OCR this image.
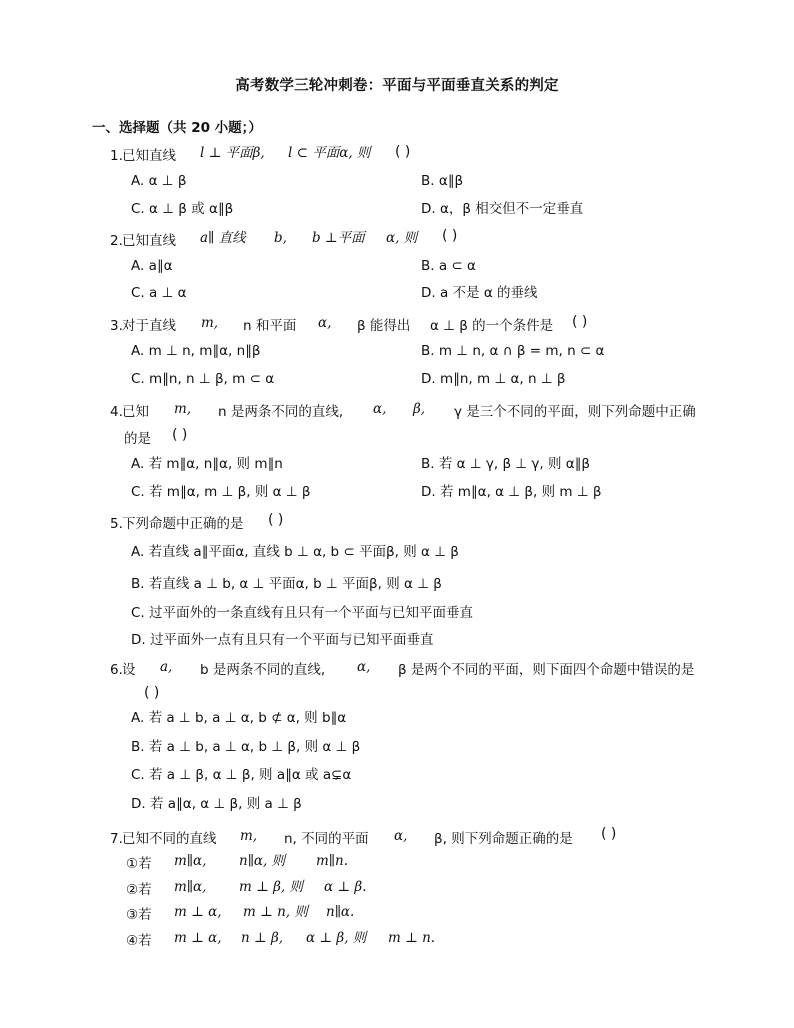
高考数学三轮冲刺卷：平面与平面垂直关系的判定
一、选择题（共 20 小题；）
1. 已知直线 l ⊥ 平面β, l ⊂ 平面α, 则 ( )
A. α ⊥ β	B. α∥β
C. α ⊥ β 或 α∥β	D. α，β 相交但不一定垂直
2. 已知直线 a∥ 直线 b, b ⊥平面 α, 则 ( )
A. a∥α	B. a ⊂ α
C. a ⊥ α	D. a 不是 α 的垂线
3. 对于直线 m, n 和平面 α, β 能得出 α ⊥ β 的一个条件是 ( )
A. m ⊥ n, m∥α, n∥β	B. m ⊥ n, α ∩ β = m, n ⊂ α
C. m∥n, n ⊥ β, m ⊂ α	D. m∥n, m ⊥ α, n ⊥ β
4. 已知 m, n 是两条不同的直线, α, β, γ 是三个不同的平面，则下列命题中正确
的是 ( )
A. 若 m∥α, n∥α, 则 m∥n	B. 若 α ⊥ γ, β ⊥ γ, 则 α∥β
C. 若 m∥α, m ⊥ β, 则 α ⊥ β	D. 若 m∥α, α ⊥ β, 则 m ⊥ β
5. 下列命题中正确的是 ( )
A. 若直线 a∥平面α, 直线 b ⊥ α, b ⊂ 平面β, 则 α ⊥ β
B. 若直线 a ⊥ b, α ⊥ 平面α, b ⊥ 平面β, 则 α ⊥ β
C. 过平面外的一条直线有且只有一个平面与已知平面垂直
D. 过平面外一点有且只有一个平面与已知平面垂直
6. 设 a, b 是两条不同的直线, α, β 是两个不同的平面，则下面四个命题中错误的是
( )
A. 若 a ⊥ b, a ⊥ α, b ⊄ α, 则 b∥α
B. 若 a ⊥ b, a ⊥ α, b ⊥ β, 则 α ⊥ β
C. 若 a ⊥ β, α ⊥ β, 则 a∥α 或 a⊊α
D. 若 a∥α, α ⊥ β, 则 a ⊥ β
7. 已知不同的直线 m, n, 不同的平面 α, β, 则下列命题正确的是 ( )
①若 m∥α, n∥α, 则 m∥n.
②若 m∥α, m ⊥ β, 则 α ⊥ β.
③若 m ⊥ α, m ⊥ n, 则 n∥α.
④若 m ⊥ α, n ⊥ β, α ⊥ β, 则 m ⊥ n.
